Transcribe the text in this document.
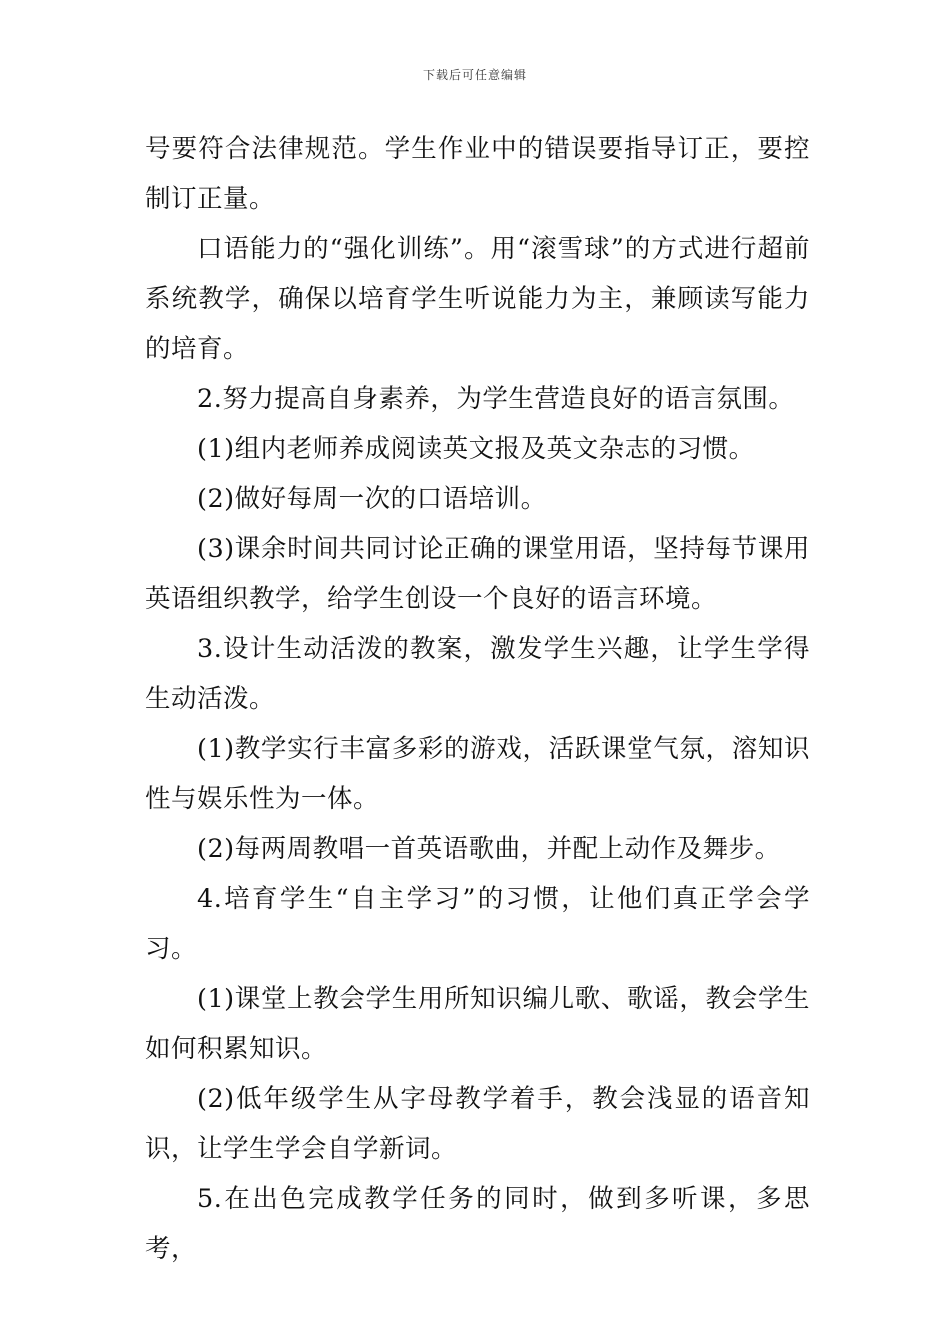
下载后可任意编辑

号要符合法律规范。学生作业中的错误要指导订正，要控制订正量。

口语能力的“强化训练”。用“滚雪球”的方式进行超前系统教学，确保以培育学生听说能力为主，兼顾读写能力的培育。

2.努力提高自身素养，为学生营造良好的语言氛围。

(1)组内老师养成阅读英文报及英文杂志的习惯。

(2)做好每周一次的口语培训。

(3)课余时间共同讨论正确的课堂用语，坚持每节课用英语组织教学，给学生创设一个良好的语言环境。

3.设计生动活泼的教案，激发学生兴趣，让学生学得生动活泼。

(1)教学实行丰富多彩的游戏，活跃课堂气氛，溶知识性与娱乐性为一体。

(2)每两周教唱一首英语歌曲，并配上动作及舞步。

4.培育学生“自主学习”的习惯，让他们真正学会学习。

(1)课堂上教会学生用所知识编儿歌、歌谣，教会学生如何积累知识。

(2)低年级学生从字母教学着手，教会浅显的语音知识，让学生学会自学新词。

5.在出色完成教学任务的同时，做到多听课，多思考，
